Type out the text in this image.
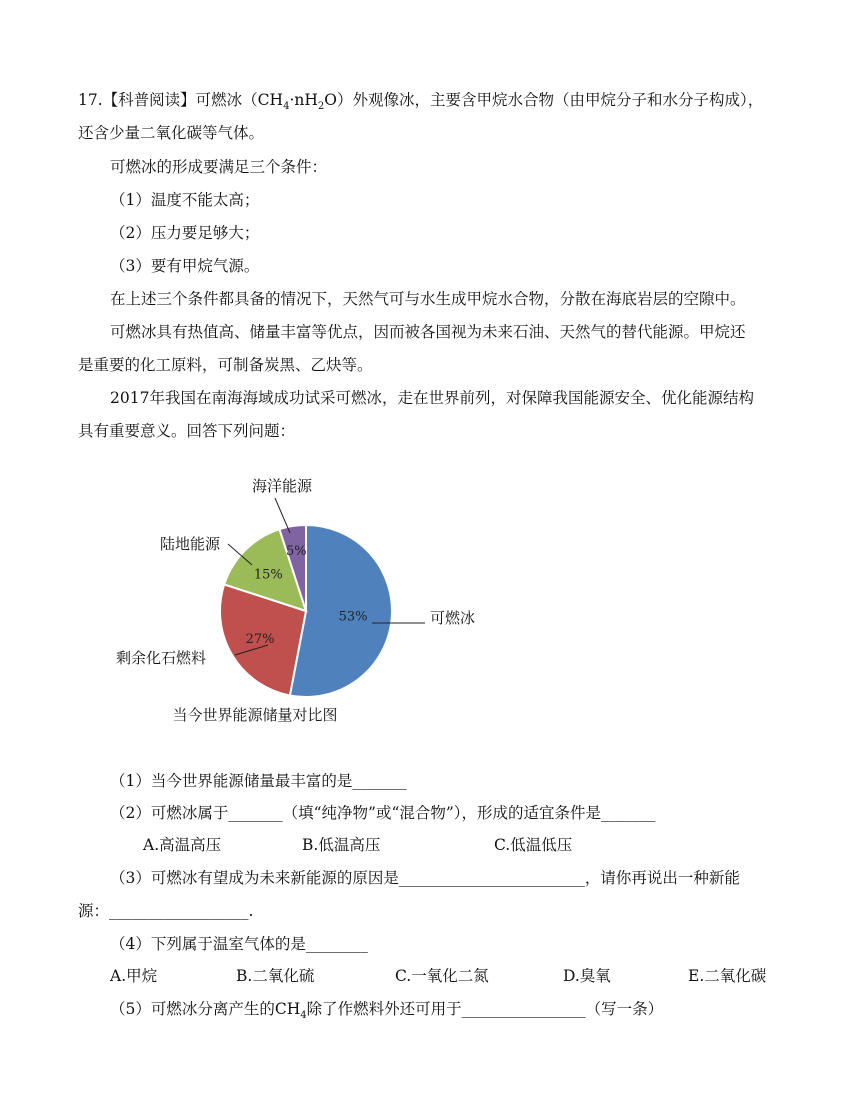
17.【科普阅读】可燃冰$(CH_4\cdot nH_2O)$外观像冰，主要含甲烷水合物（由甲烷分子和水分子构成），
还含少量二氧化碳等气体。
可燃冰的形成要满足三个条件：
（1）温度不能太高；
（2）压力要足够大；
（3）要有甲烷气源。
在上述三个条件都具备的情况下，天然气可与水生成甲烷水合物，分散在海底岩层的空隙中。
可燃冰具有热值高、储量丰富等优点，因而被各国视为未来石油、天然气的替代能源。甲烷还
是重要的化工原料，可制备炭黑、乙炔等。
2017年我国在南海海域成功试采可燃冰，走在世界前列，对保障我国能源安全、优化能源结构
具有重要意义。回答下列问题：
53%	可燃冰
27%
剩余化石燃料
15%
陆地能源	5%
海洋能源
当今世界能源储量对比图
（1）当今世界能源储量最丰富的是_______
（2）可燃冰属于_______（填“纯净物”或“混合物”），形成的适宜条件是_______
A.高温高压	B.低温高压	C.低温低压
（3）可燃冰有望成为未来新能源的原因是________________________，请你再说出一种新能
源：__________________.
（4）下列属于温室气体的是________
A.甲烷	B.二氧化硫	C.一氧化二氮	D.臭氧	E.二氧化碳
（5）可燃冰分离产生的$CH_4$除了作燃料外还可用于________________（写一条）
